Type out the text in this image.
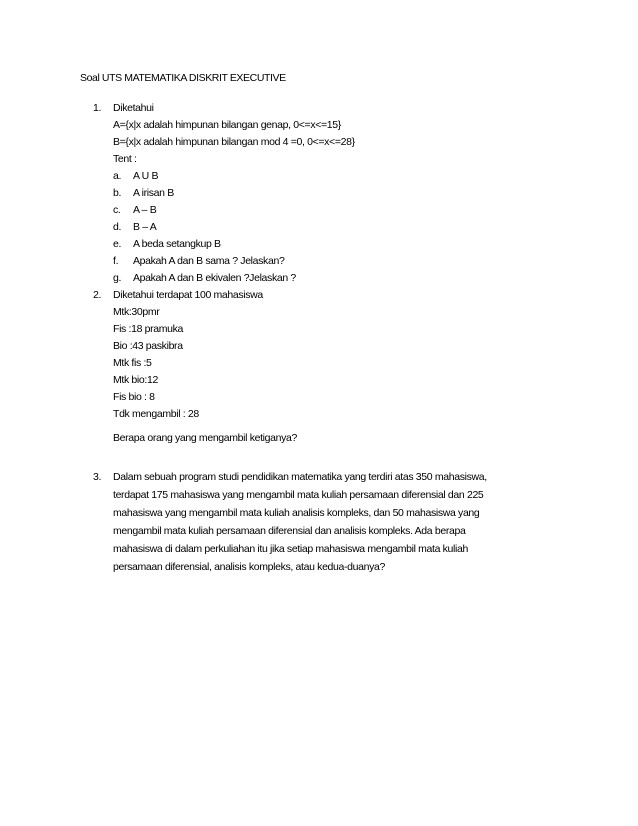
Soal UTS MATEMATIKA DISKRIT EXECUTIVE
1. Diketahui
A={x|x adalah himpunan bilangan genap, 0<=x<=15}
B={x|x adalah himpunan bilangan mod 4 =0, 0<=x<=28}
Tent :
a. A U B
b. A irisan B
c. A – B
d. B – A
e. A beda setangkup B
f. Apakah A dan B sama ? Jelaskan?
g. Apakah A dan B ekivalen ?Jelaskan ?
2. Diketahui terdapat 100 mahasiswa
Mtk:30pmr
Fis :18 pramuka
Bio :43 paskibra
Mtk fis :5
Mtk bio:12
Fis bio : 8
Tdk mengambil : 28
Berapa orang yang mengambil ketiganya?
3. Dalam sebuah program studi pendidikan matematika yang terdiri atas 350 mahasiswa,
terdapat 175 mahasiswa yang mengambil mata kuliah persamaan diferensial dan 225
mahasiswa yang mengambil mata kuliah analisis kompleks, dan 50 mahasiswa yang
mengambil mata kuliah persamaan diferensial dan analisis kompleks. Ada berapa
mahasiswa di dalam perkuliahan itu jika setiap mahasiswa mengambil mata kuliah
persamaan diferensial, analisis kompleks, atau kedua-duanya?
